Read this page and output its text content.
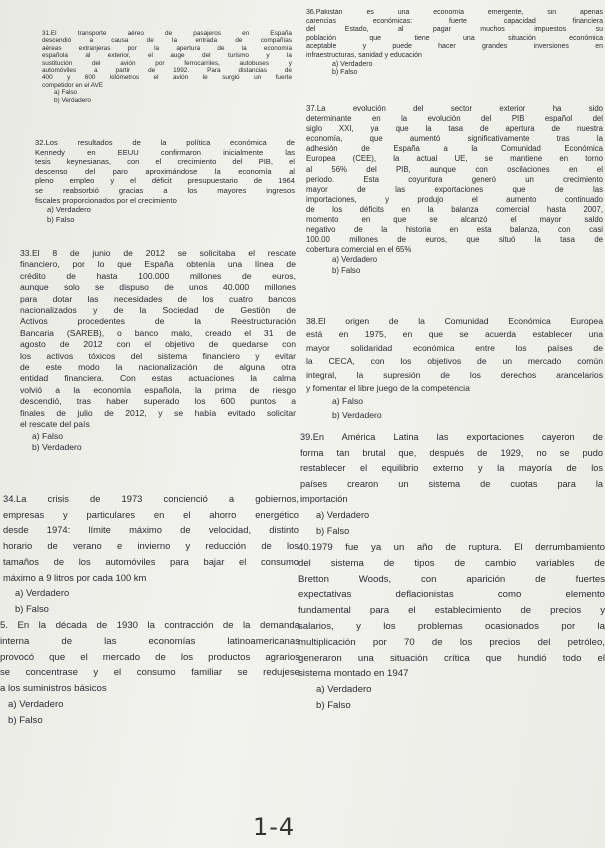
31.El transporte aéreo de pasajeros en España
descendió a causa de la entrada de compañías
aéreas extranjeras por la apertura de la economía
española al exterior, el auge del turismo y la
sustitución del avión por ferrocarriles, autobuses y
automóviles a partir de 1992. Para distancias de
400 y 600 kilómetros el avión le surgió un fuerte
competidor en el AVE
a) Falso
b) Verdadero
32.Los resultados de la política económica de
Kennedy en EEUU confirmaron inicialmente las
tesis keynesianas, con el crecimiento del PIB, el
descenso del paro aproximándose la economía al
pleno empleo y el déficit presupuestario de 1964
se reabsorbió gracias a los mayores ingresos
fiscales proporcionados por el crecimiento
a) Verdadero
b) Falso
33.El 8 de junio de 2012 se solicitaba el rescate
financiero, por lo que España obtenía una línea de
crédito de hasta 100.000 millones de euros,
aunque solo se dispuso de unos 40.000 millones
para dotar las necesidades de los cuatro bancos
nacionalizados y de la Sociedad de Gestión de
Activos procedentes de la Reestructuración
Bancaria (SAREB), o banco malo, creado el 31 de
agosto de 2012 con el objetivo de quedarse con
los activos tóxicos del sistema financiero y evitar
de este modo la nacionalización de alguna otra
entidad financiera. Con estas actuaciones la calma
volvió a la economía española, la prima de riesgo
descendió, tras haber superado los 600 puntos a
finales de julio de 2012, y se había evitado solicitar
el rescate del país
a) Falso
b) Verdadero
34.La crisis de 1973 concienció a gobiernos,
empresas y particulares en el ahorro energético
desde 1974: límite máximo de velocidad, distinto
horario de verano e invierno y reducción de los
tamaños de los automóviles para bajar el consumo
máximo a 9 litros por cada 100 km
a) Verdadero
b) Falso
5. En la década de 1930 la contracción de la demanda
interna de las economías latinoamericanas
provocó que el mercado de los productos agrarios
se concentrase y el consumo familiar se redujese
a los suministros básicos
a) Verdadero
b) Falso
36.Pakistán es una economía emergente, sin apenas
carencias económicas: fuerte capacidad financiera
del Estado, al pagar muchos impuestos su
población que tiene una situación económica
aceptable y puede hacer grandes inversiones en
infraestructuras, sanidad y educación
a) Verdadero
b) Falso
37.La evolución del sector exterior ha sido
determinante en la evolución del PIB español del
siglo XXI, ya que la tasa de apertura de nuestra
economía, que aumentó significativamente tras la
adhesión de España a la Comunidad Económica
Europea (CEE), la actual UE, se mantiene en torno
al 56% del PIB, aunque con oscilaciones en el
periodo. Esta coyuntura generó un crecimiento
mayor de las exportaciones que de las
importaciones, y produjo el aumento continuado
de los déficits en la balanza comercial hasta 2007,
momento en que se alcanzó el mayor saldo
negativo de la historia en esta balanza, con casi
100.00 millones de euros, que situó la tasa de
cobertura comercial en el 65%
a) Verdadero
b) Falso
38.El origen de la Comunidad Económica Europea
está en 1975, en que se acuerda establecer una
mayor solidaridad económica entre los países de
la CECA, con los objetivos de un mercado común
integral, la supresión de los derechos arancelarios
y fomentar el libre juego de la competencia
a) Falso
b) Verdadero
39.En América Latina las exportaciones cayeron de
forma tan brutal que, después de 1929, no se pudo
restablecer el equilibrio externo y la mayoría de los
países crearon un sistema de cuotas para la
importación
a) Verdadero
b) Falso
40.1979 fue ya un año de ruptura. El derrumbamiento
del sistema de tipos de cambio variables de
Bretton Woods, con aparición de fuertes
expectativas deflacionistas como elemento
fundamental para el establecimiento de precios y
salarios, y los problemas ocasionados por la
multiplicación por 70 de los precios del petróleo,
generaron una situación crítica que hundió todo el
sistema montado en 1947
a) Verdadero
b) Falso
1-4
